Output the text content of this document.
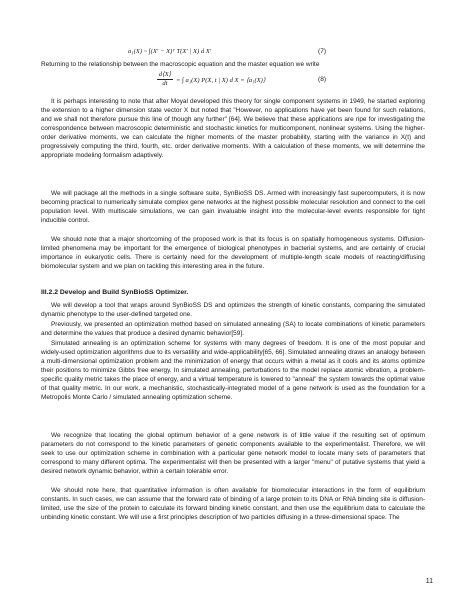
a₁(X) ~ ∫(X′ − X)ᵀ T(X′ | X) d X′	(7)

Returning to the relationship between the macroscopic equation and the master equation we write

d⟨X⟩
dt	= ∫ a₁(X) P(X, t | X) d X = ⟨a₁(X)⟩	(8)

It is perhaps interesting to note that after Moyal developed this theory for single component systems in 1949, he started exploring the extension to a higher dimension state vector X but noted that "However, no applications have yet been found for such relations, and we shall not therefore pursue this line of though any further" [64]. We believe that these applications are ripe for investigating the correspondence between macroscopic deterministic and stochastic kinetics for multicomponent, nonlinear systems. Using the higher-order derivative moments, we can calculate the higher moments of the master probability, starting with the variance in X(t) and progressively computing the third, fourth, etc. order derivative moments. With a calculation of these moments, we will determine the appropriate modeling formalism adaptively.

We will package all the methods in a single software suite, SynBioSS DS. Armed with increasingly fast supercomputers, it is now becoming practical to numerically simulate complex gene networks at the highest possible molecular resolution and connect to the cell population level. With multiscale simulations, we can gain invaluable insight into the molecular-level events responsible for tight inducible control.

We should note that a major shortcoming of the proposed work is that its focus is on spatially homogeneous systems. Diffusion-limited phenomena may be important for the emergence of biological phenotypes in bacterial systems, and are certainly of crucial importance in eukaryotic cells. There is certainly need for the development of multiple-length scale models of reacting/diffusing biomolecular system and we plan on tackling this interesting area in the future.

III.2.2 Develop and Build SynBioSS Optimizer.

We will develop a tool that wraps around SynBioSS DS and optimizes the strength of kinetic constants, comparing the simulated dynamic phenotype to the user-defined targeted one.

Previously, we presented an optimization method based on simulated annealing (SA) to locate combinations of kinetic parameters and determine the values that produce a desired dynamic behavior[59].

Simulated annealing is an optimization scheme for systems with many degrees of freedom. It is one of the most popular and widely-used optimization algorithms due to its versatility and wide-applicability[65, 66]. Simulated annealing draws an analogy between a multi-dimensional optimization problem and the minimization of energy that occurs within a metal as it cools and its atoms optimize their positions to minimize Gibbs free energy. In simulated annealing, perturbations to the model replace atomic vibration, a problem-specific quality metric takes the place of energy, and a virtual temperature is lowered to "anneal" the system towards the optimal value of that quality metric. In our work, a mechanistic, stochastically-integrated model of a gene network is used as the foundation for a Metropolis Monte Carlo / simulated annealing optimization scheme.

We recognize that locating the global optimum behavior of a gene network is of little value if the resulting set of optimum parameters do not correspond to the kinetic parameters of genetic components available to the experimentalist. Therefore, we will seek to use our optimization scheme in combination with a particular gene network model to locate many sets of parameters that correspond to many different optima. The experimentalist will then be presented with a larger "menu" of putative systems that yield a desired network dynamic behavior, within a certain tolerable error.

We should note here, that quantitative information is often available for biomolecular interactions in the form of equilibrium constants. In such cases, we can assume that the forward rate of binding of a large protein to its DNA or RNA binding site is diffusion-limited, use the size of the protein to calculate its forward binding kinetic constant, and then use the equilibrium data to calculate the unbinding kinetic constant. We will use a first principles description of two particles diffusing in a three-dimensional space. The

11
